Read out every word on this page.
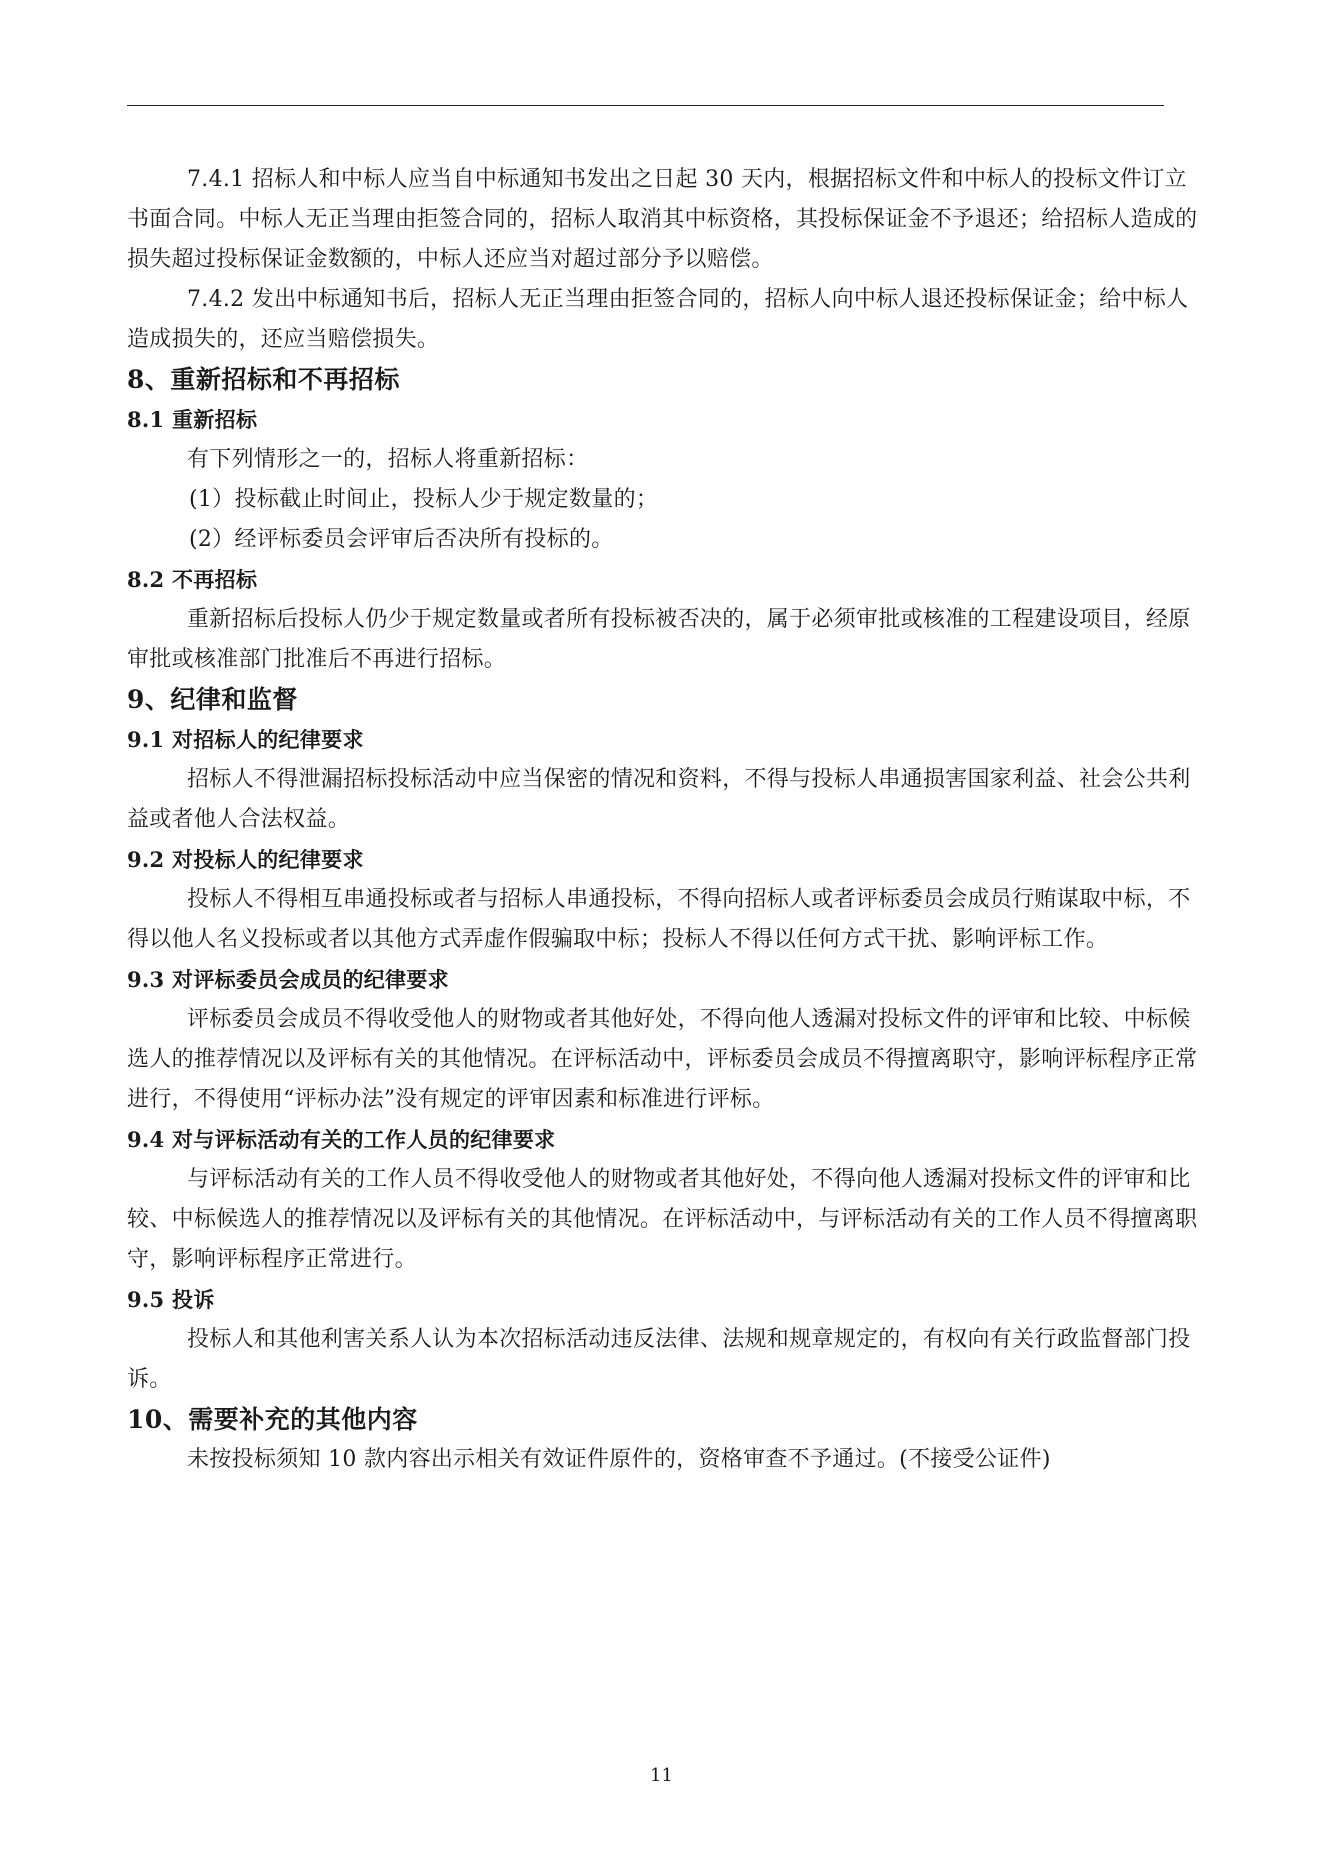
7.4.1 招标人和中标人应当自中标通知书发出之日起 30 天内，根据招标文件和中标人的投标文件订立书面合同。中标人无正当理由拒签合同的，招标人取消其中标资格，其投标保证金不予退还；给招标人造成的损失超过投标保证金数额的，中标人还应当对超过部分予以赔偿。

7.4.2 发出中标通知书后，招标人无正当理由拒签合同的，招标人向中标人退还投标保证金；给中标人造成损失的，还应当赔偿损失。

8、重新招标和不再招标

8.1 重新招标

有下列情形之一的，招标人将重新招标：

(1）投标截止时间止，投标人少于规定数量的；

(2）经评标委员会评审后否决所有投标的。

8.2 不再招标

重新招标后投标人仍少于规定数量或者所有投标被否决的，属于必须审批或核准的工程建设项目，经原审批或核准部门批准后不再进行招标。

9、纪律和监督

9.1 对招标人的纪律要求

招标人不得泄漏招标投标活动中应当保密的情况和资料，不得与投标人串通损害国家利益、社会公共利益或者他人合法权益。

9.2 对投标人的纪律要求

投标人不得相互串通投标或者与招标人串通投标，不得向招标人或者评标委员会成员行贿谋取中标，不得以他人名义投标或者以其他方式弄虚作假骗取中标；投标人不得以任何方式干扰、影响评标工作。

9.3 对评标委员会成员的纪律要求

评标委员会成员不得收受他人的财物或者其他好处，不得向他人透漏对投标文件的评审和比较、中标候选人的推荐情况以及评标有关的其他情况。在评标活动中，评标委员会成员不得擅离职守，影响评标程序正常进行，不得使用“评标办法”没有规定的评审因素和标准进行评标。

9.4 对与评标活动有关的工作人员的纪律要求

与评标活动有关的工作人员不得收受他人的财物或者其他好处，不得向他人透漏对投标文件的评审和比较、中标候选人的推荐情况以及评标有关的其他情况。在评标活动中，与评标活动有关的工作人员不得擅离职守，影响评标程序正常进行。

9.5 投诉

投标人和其他利害关系人认为本次招标活动违反法律、法规和规章规定的，有权向有关行政监督部门投诉。

10、需要补充的其他内容

未按投标须知 10 款内容出示相关有效证件原件的，资格审查不予通过。(不接受公证件)

11
